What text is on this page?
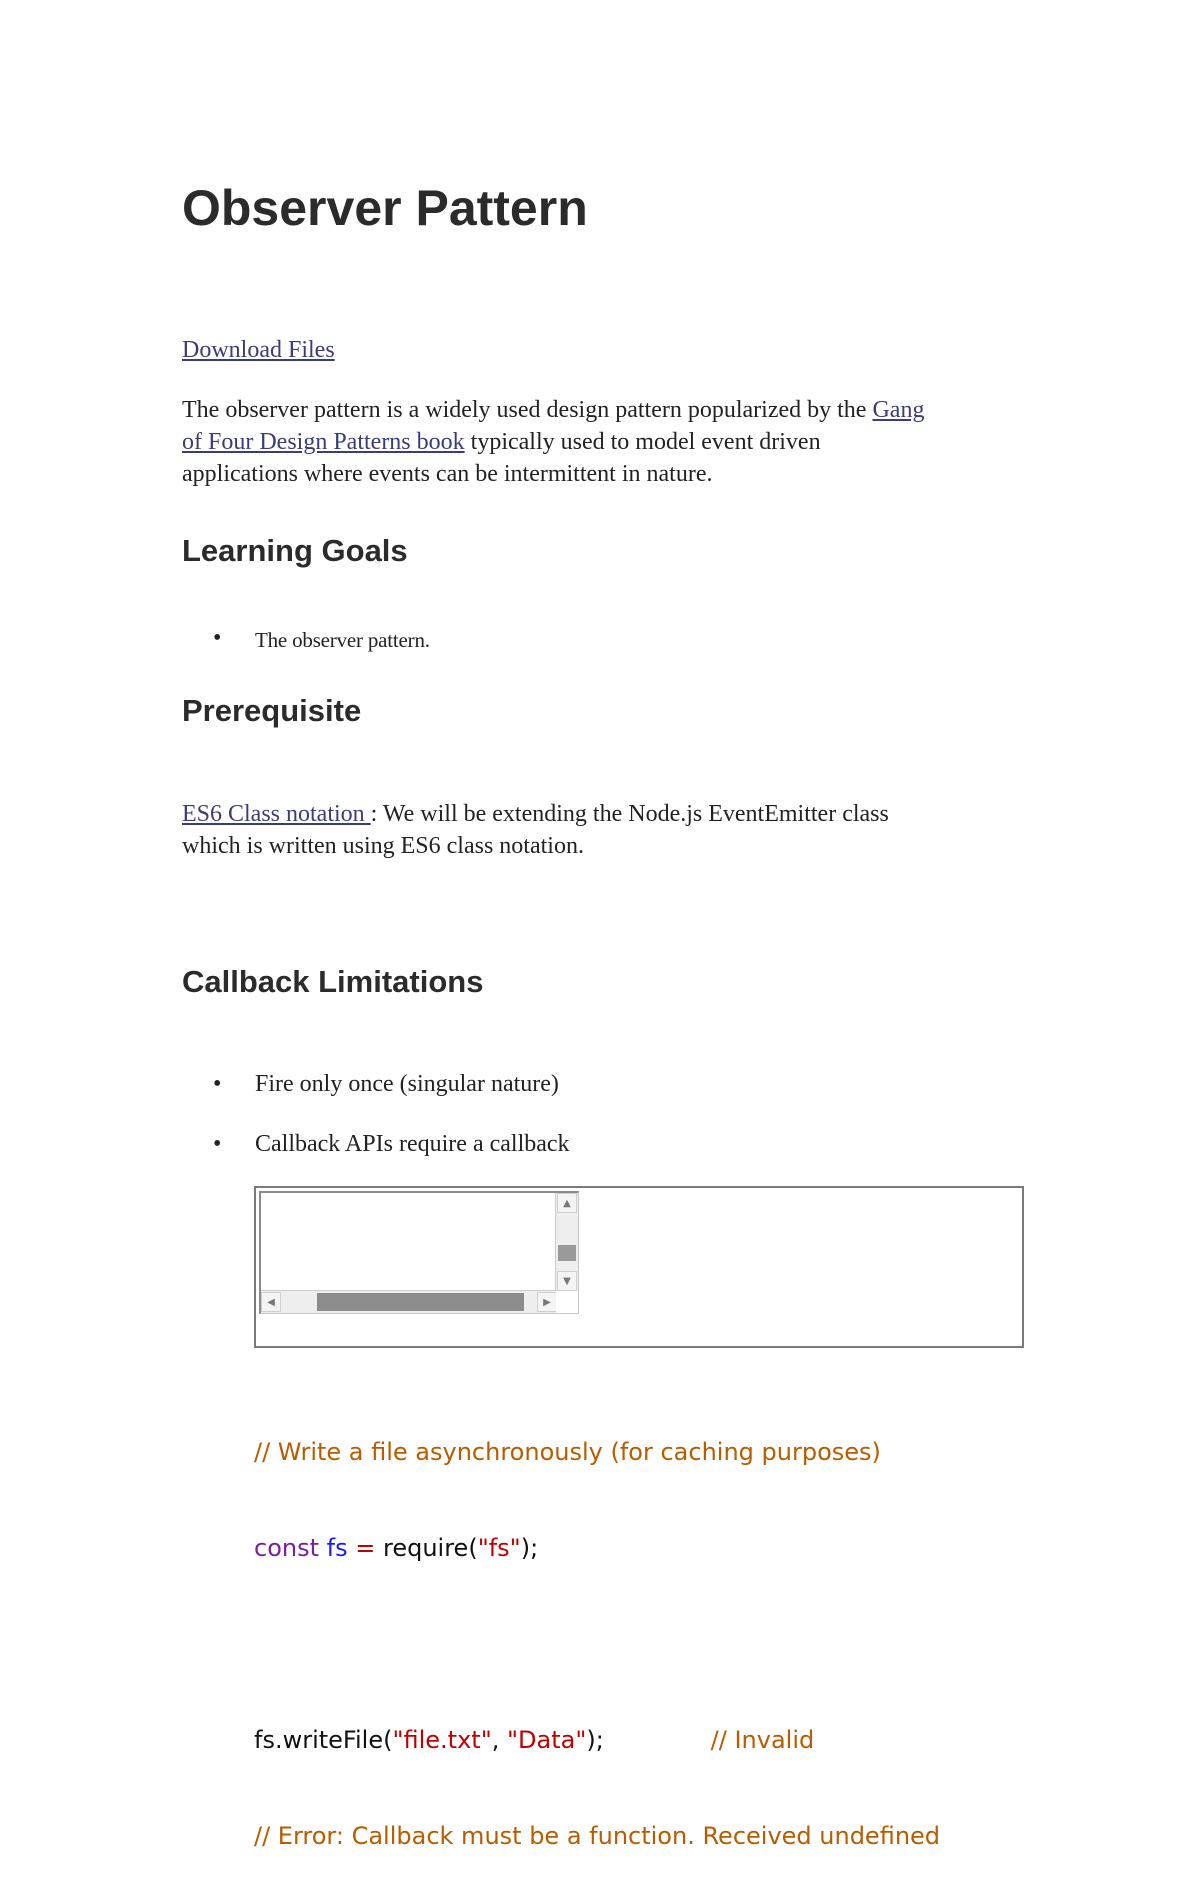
Observer Pattern

Download Files

The observer pattern is a widely used design pattern popularized by the Gang
of Four Design Patterns book typically used to model event driven
applications where events can be intermittent in nature.

Learning Goals
• The observer pattern.

Prerequisite

ES6 Class notation : We will be extending the Node.js EventEmitter class
which is written using ES6 class notation.

Callback Limitations
• Fire only once (singular nature)

• Callback APIs require a callback

▲
▼
◀	▶

// Write a file asynchronously (for caching purposes)

const fs = require("fs");

fs.writeFile("file.txt", "Data");	// Invalid

// Error: Callback must be a function. Received undefined
